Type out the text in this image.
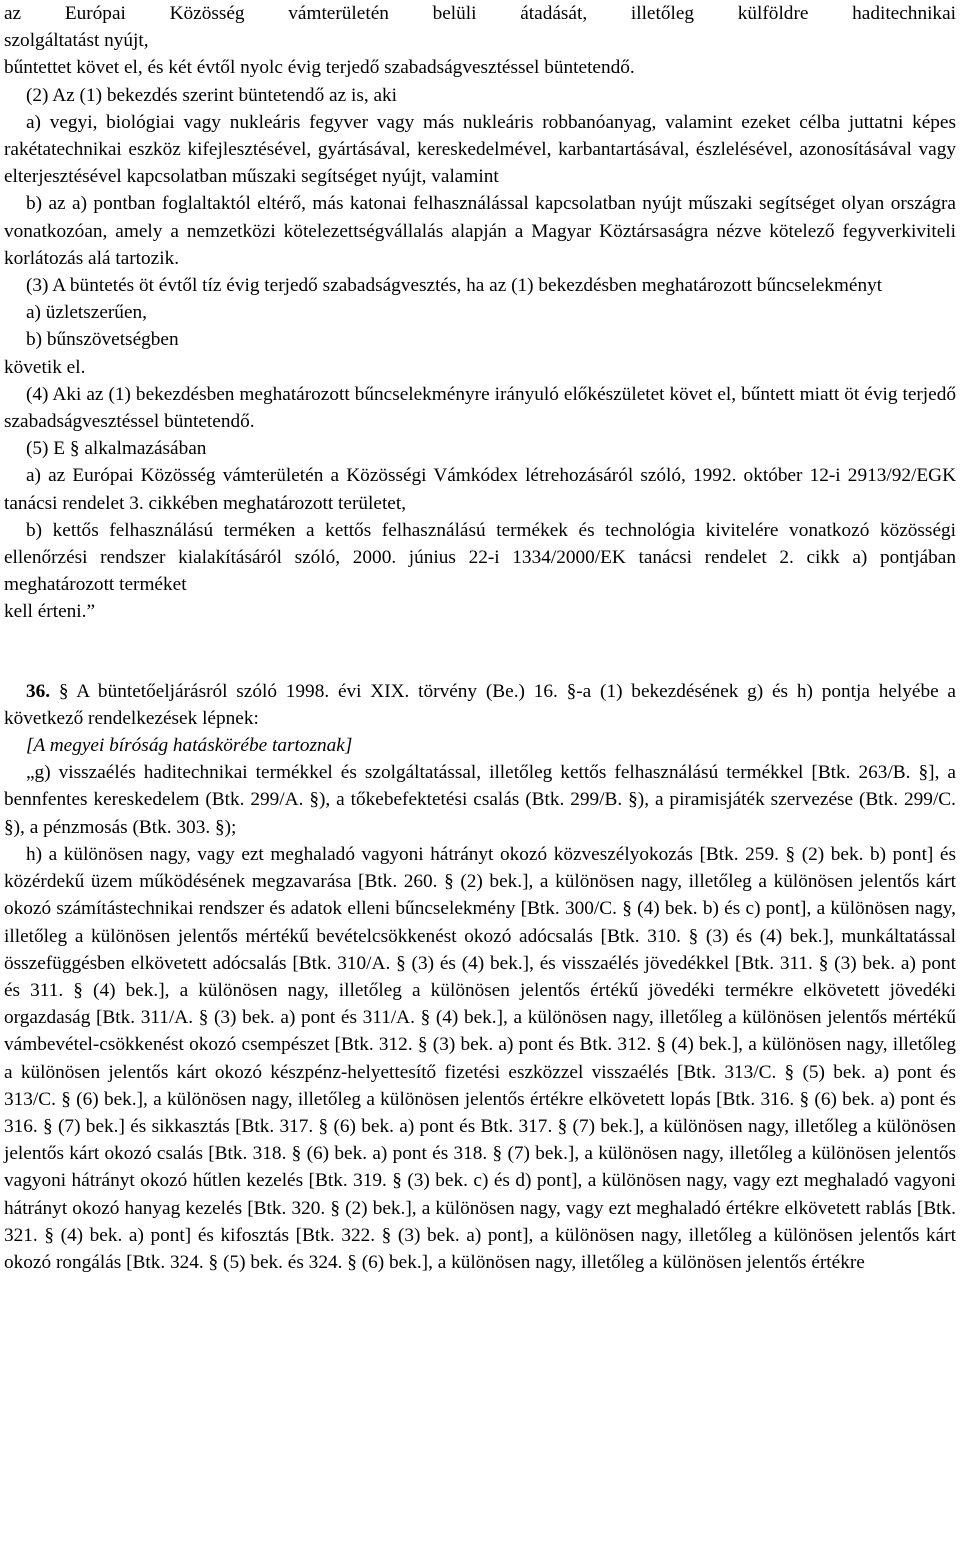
az Európai Közösség vámterületén belüli átadását, illetőleg külföldre haditechnikai

szolgáltatást nyújt,

bűntettet követ el, és két évtől nyolc évig terjedő szabadságvesztéssel büntetendő.

(2) Az (1) bekezdés szerint büntetendő az is, aki

a) vegyi, biológiai vagy nukleáris fegyver vagy más nukleáris robbanóanyag, valamint ezeket célba juttatni képes rakétatechnikai eszköz kifejlesztésével, gyártásával, kereskedelmével, karbantartásával, észlelésével, azonosításával vagy elterjesztésével kapcsolatban műszaki segítséget nyújt, valamint

b) az a) pontban foglaltaktól eltérő, más katonai felhasználással kapcsolatban nyújt műszaki segítséget olyan országra vonatkozóan, amely a nemzetközi kötelezettségvállalás alapján a Magyar Köztársaságra nézve kötelező fegyverkiviteli korlátozás alá tartozik.

(3) A büntetés öt évtől tíz évig terjedő szabadságvesztés, ha az (1) bekezdésben meghatározott bűncselekményt

a) üzletszerűen,

b) bűnszövetségben

követik el.

(4) Aki az (1) bekezdésben meghatározott bűncselekményre irányuló előkészületet követ el, bűntett miatt öt évig terjedő szabadságvesztéssel büntetendő.

(5) E § alkalmazásában

a) az Európai Közösség vámterületén a Közösségi Vámkódex létrehozásáról szóló, 1992. október 12-i 2913/92/EGK tanácsi rendelet 3. cikkében meghatározott területet,

b) kettős felhasználású terméken a kettős felhasználású termékek és technológia kivitelére vonatkozó közösségi ellenőrzési rendszer kialakításáról szóló, 2000. június 22-i 1334/2000/EK tanácsi rendelet 2. cikk a) pontjában meghatározott terméket

kell érteni.”

36. § A büntetőeljárásról szóló 1998. évi XIX. törvény (Be.) 16. §-a (1) bekezdésének g) és h) pontja helyébe a következő rendelkezések lépnek:

[A megyei bíróság hatáskörébe tartoznak]

„g) visszaélés haditechnikai termékkel és szolgáltatással, illetőleg kettős felhasználású termékkel [Btk. 263/B. §], a bennfentes kereskedelem (Btk. 299/A. §), a tőkebefektetési csalás (Btk. 299/B. §), a piramisjáték szervezése (Btk. 299/C. §), a pénzmosás (Btk. 303. §);

h) a különösen nagy, vagy ezt meghaladó vagyoni hátrányt okozó közveszélyokozás [Btk. 259. § (2) bek. b) pont] és közérdekű üzem működésének megzavarása [Btk. 260. § (2) bek.], a különösen nagy, illetőleg a különösen jelentős kárt okozó számítástechnikai rendszer és adatok elleni bűncselekmény [Btk. 300/C. § (4) bek. b) és c) pont], a különösen nagy, illetőleg a különösen jelentős mértékű bevételcsökkenést okozó adócsalás [Btk. 310. § (3) és (4) bek.], munkáltatással összefüggésben elkövetett adócsalás [Btk. 310/A. § (3) és (4) bek.], és visszaélés jövedékkel [Btk. 311. § (3) bek. a) pont és 311. § (4) bek.], a különösen nagy, illetőleg a különösen jelentős értékű jövedéki termékre elkövetett jövedéki orgazdaság [Btk. 311/A. § (3) bek. a) pont és 311/A. § (4) bek.], a különösen nagy, illetőleg a különösen jelentős mértékű vámbevétel-csökkenést okozó csempészet [Btk. 312. § (3) bek. a) pont és Btk. 312. § (4) bek.], a különösen nagy, illetőleg a különösen jelentős kárt okozó készpénz-helyettesítő fizetési eszközzel visszaélés [Btk. 313/C. § (5) bek. a) pont és 313/C. § (6) bek.], a különösen nagy, illetőleg a különösen jelentős értékre elkövetett lopás [Btk. 316. § (6) bek. a) pont és 316. § (7) bek.] és sikkasztás [Btk. 317. § (6) bek. a) pont és Btk. 317. § (7) bek.], a különösen nagy, illetőleg a különösen jelentős kárt okozó csalás [Btk. 318. § (6) bek. a) pont és 318. § (7) bek.], a különösen nagy, illetőleg a különösen jelentős vagyoni hátrányt okozó hűtlen kezelés [Btk. 319. § (3) bek. c) és d) pont], a különösen nagy, vagy ezt meghaladó vagyoni hátrányt okozó hanyag kezelés [Btk. 320. § (2) bek.], a különösen nagy, vagy ezt meghaladó értékre elkövetett rablás [Btk. 321. § (4) bek. a) pont] és kifosztás [Btk. 322. § (3) bek. a) pont], a különösen nagy, illetőleg a különösen jelentős kárt okozó rongálás [Btk. 324. § (5) bek. és 324. § (6) bek.], a különösen nagy, illetőleg a különösen jelentős értékre
